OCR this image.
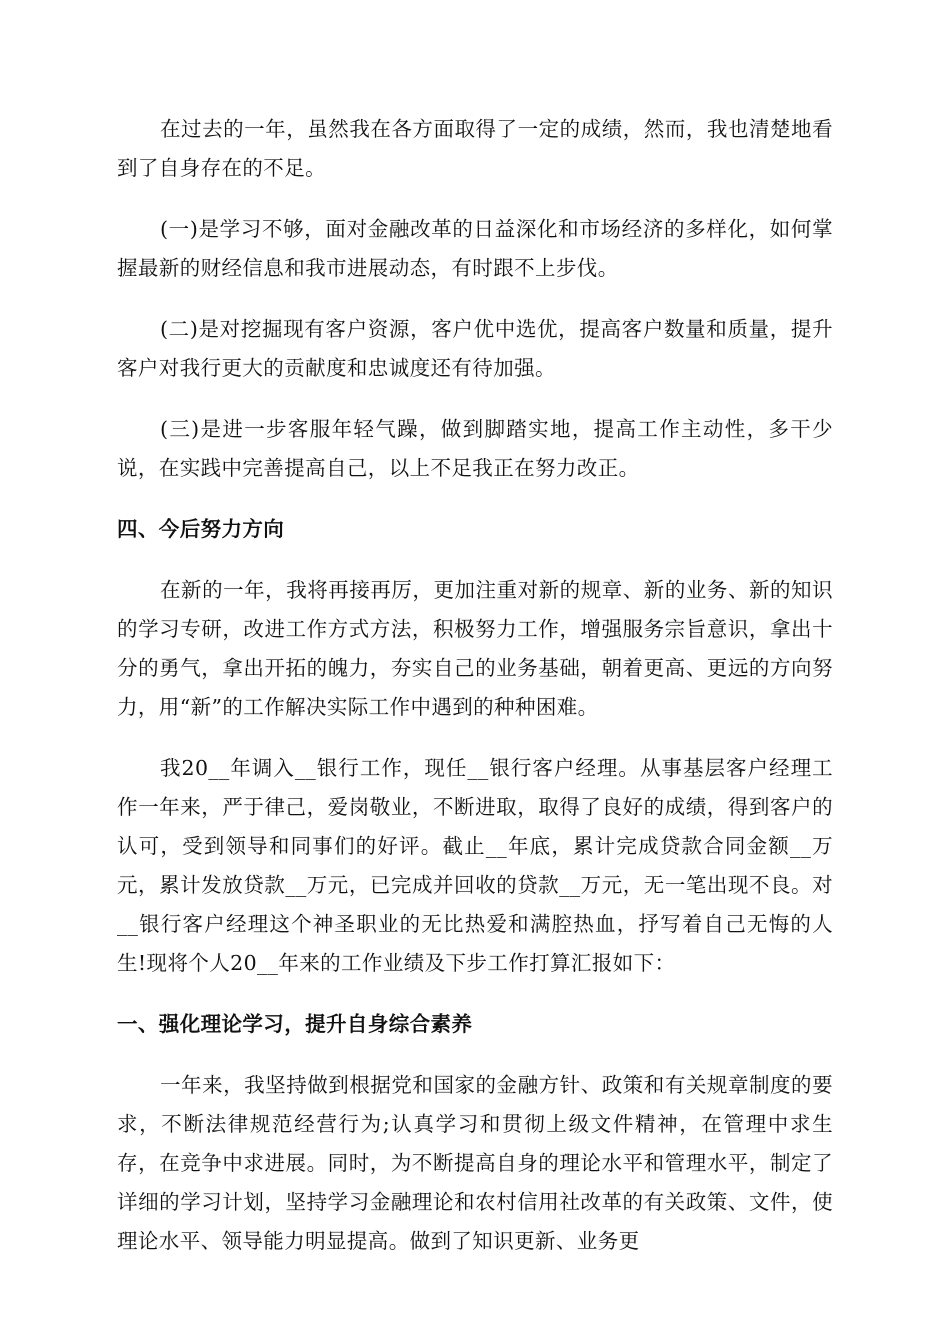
在过去的一年，虽然我在各方面取得了一定的成绩，然而，我也清楚地看到了自身存在的不足。

(一)是学习不够，面对金融改革的日益深化和市场经济的多样化，如何掌握最新的财经信息和我市进展动态，有时跟不上步伐。

(二)是对挖掘现有客户资源，客户优中选优，提高客户数量和质量，提升客户对我行更大的贡献度和忠诚度还有待加强。

(三)是进一步客服年轻气躁，做到脚踏实地，提高工作主动性，多干少说，在实践中完善提高自己，以上不足我正在努力改正。

四、今后努力方向

在新的一年，我将再接再厉，更加注重对新的规章、新的业务、新的知识的学习专研，改进工作方式方法，积极努力工作，增强服务宗旨意识，拿出十分的勇气，拿出开拓的魄力，夯实自己的业务基础，朝着更高、更远的方向努力，用“新”的工作解决实际工作中遇到的种种困难。

我20__年调入__银行工作，现任__银行客户经理。从事基层客户经理工作一年来，严于律己，爱岗敬业，不断进取，取得了良好的成绩，得到客户的认可，受到领导和同事们的好评。截止__年底，累计完成贷款合同金额__万元，累计发放贷款__万元，已完成并回收的贷款__万元，无一笔出现不良。对__银行客户经理这个神圣职业的无比热爱和满腔热血，抒写着自己无悔的人生!现将个人20__年来的工作业绩及下步工作打算汇报如下：

一、强化理论学习，提升自身综合素养

一年来，我坚持做到根据党和国家的金融方针、政策和有关规章制度的要求，不断法律规范经营行为;认真学习和贯彻上级文件精神，在管理中求生存，在竞争中求进展。同时，为不断提高自身的理论水平和管理水平，制定了详细的学习计划，坚持学习金融理论和农村信用社改革的有关政策、文件，使理论水平、领导能力明显提高。做到了知识更新、业务更
